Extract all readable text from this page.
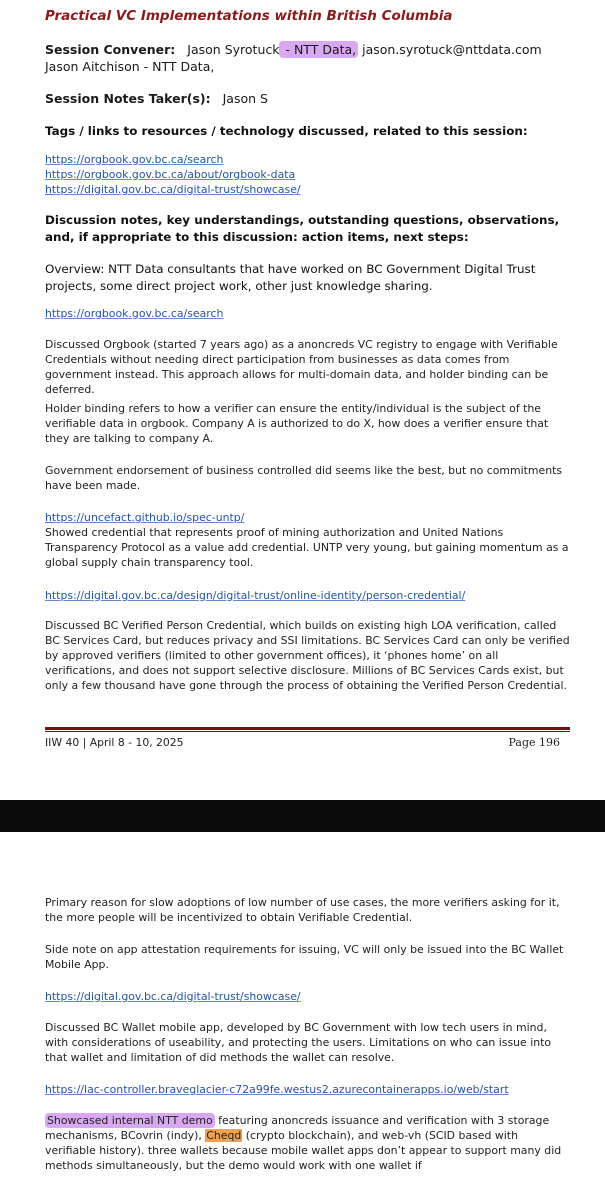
Practical VC Implementations within British Columbia
Session Convener: Jason Syrotuck - NTT Data, jason.syrotuck@nttdata.com
Jason Aitchison - NTT Data,
Session Notes Taker(s): Jason S

Tags / links to resources / technology discussed, related to this session:

https://orgbook.gov.bc.ca/search
https://orgbook.gov.bc.ca/about/orgbook-data
https://digital.gov.bc.ca/digital-trust/showcase/

Discussion notes, key understandings, outstanding questions, observations, and, if appropriate to this discussion: action items, next steps:

Overview: NTT Data consultants that have worked on BC Government Digital Trust projects, some direct project work, other just knowledge sharing.

https://orgbook.gov.bc.ca/search

Discussed Orgbook (started 7 years ago) as a anoncreds VC registry to engage with Verifiable Credentials without needing direct participation from businesses as data comes from government instead. This approach allows for multi-domain data, and holder binding can be deferred.

Holder binding refers to how a verifier can ensure the entity/individual is the subject of the verifiable data in orgbook. Company A is authorized to do X, how does a verifier ensure that they are talking to company A.

Government endorsement of business controlled did seems like the best, but no commitments have been made.

https://uncefact.github.io/spec-untp/
Showed credential that represents proof of mining authorization and United Nations Transparency Protocol as a value add credential. UNTP very young, but gaining momentum as a global supply chain transparency tool.
https://digital.gov.bc.ca/design/digital-trust/online-identity/person-credential/

Discussed BC Verified Person Credential, which builds on existing high LOA verification, called BC Services Card, but reduces privacy and SSI limitations. BC Services Card can only be verified by approved verifiers (limited to other government offices), it ‘phones home’ on all verifications, and does not support selective disclosure. Millions of BC Services Cards exist, but only a few thousand have gone through the process of obtaining the Verified Person Credential.

IIW 40 | April 8 - 10, 2025	Page 196

Primary reason for slow adoptions of low number of use cases, the more verifiers asking for it, the more people will be incentivized to obtain Verifiable Credential.

Side note on app attestation requirements for issuing, VC will only be issued into the BC Wallet Mobile App.

https://digital.gov.bc.ca/digital-trust/showcase/

Discussed BC Wallet mobile app, developed by BC Government with low tech users in mind, with considerations of useability, and protecting the users. Limitations on who can issue into that wallet and limitation of did methods the wallet can resolve.

https://lac-controller.braveglacier-c72a99fe.westus2.azurecontainerapps.io/web/start

Showcased internal NTT demo featuring anoncreds issuance and verification with 3 storage mechanisms, BCovrin (indy), Cheqd (crypto blockchain), and web-vh (SCID based with verifiable history). three wallets because mobile wallet apps don’t appear to support many did methods simultaneously, but the demo would work with one wallet if
